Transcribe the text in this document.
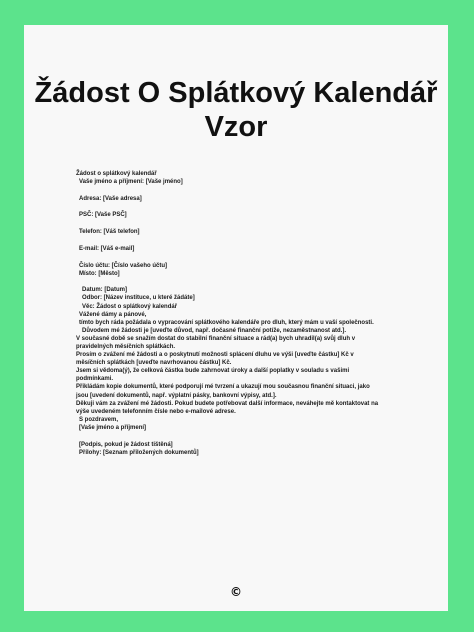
Žádost O Splátkový Kalendář
Vzor
Žádost o splátkový kalendář
Vaše jméno a příjmení: [Vaše jméno]
Adresa: [Vaše adresa]
PSČ: [Vaše PSČ]
Telefon: [Váš telefon]
E-mail: [Váš e-mail]
Číslo účtu: [Číslo vašeho účtu]
Místo: [Město]
Datum: [Datum]
Odbor: [Název instituce, u které žádáte]
Věc: Žádost o splátkový kalendář
Vážené dámy a pánové,
tímto bych ráda požádala o vypracování splátkového kalendáře pro dluh, který mám u vaší společnosti.
Důvodem mé žádosti je [uveďte důvod, např. dočasné finanční potíže, nezaměstnanost atd.].
V současné době se snažím dostat do stabilní finanční situace a rád(a) bych uhradil(a) svůj dluh v
pravidelných měsíčních splátkách.
Prosím o zvážení mé žádosti a o poskytnutí možnosti splácení dluhu ve výši [uveďte částku] Kč v
měsíčních splátkách [uveďte navrhovanou částku] Kč.
Jsem si vědoma(ý), že celková částka bude zahrnovat úroky a další poplatky v souladu s vašimi
podmínkami.
Přikládám kopie dokumentů, které podporují mé tvrzení a ukazují mou současnou finanční situaci, jako
jsou [uvedení dokumentů, např. výplatní pásky, bankovní výpisy, atd.].
Děkuji vám za zvážení mé žádosti. Pokud budete potřebovat další informace, neváhejte mě kontaktovat na
výše uvedeném telefonním čísle nebo e-mailové adrese.
S pozdravem,
[Vaše jméno a příjmení]
[Podpis, pokud je žádost tištěná]
Přílohy: [Seznam přiložených dokumentů]
©
